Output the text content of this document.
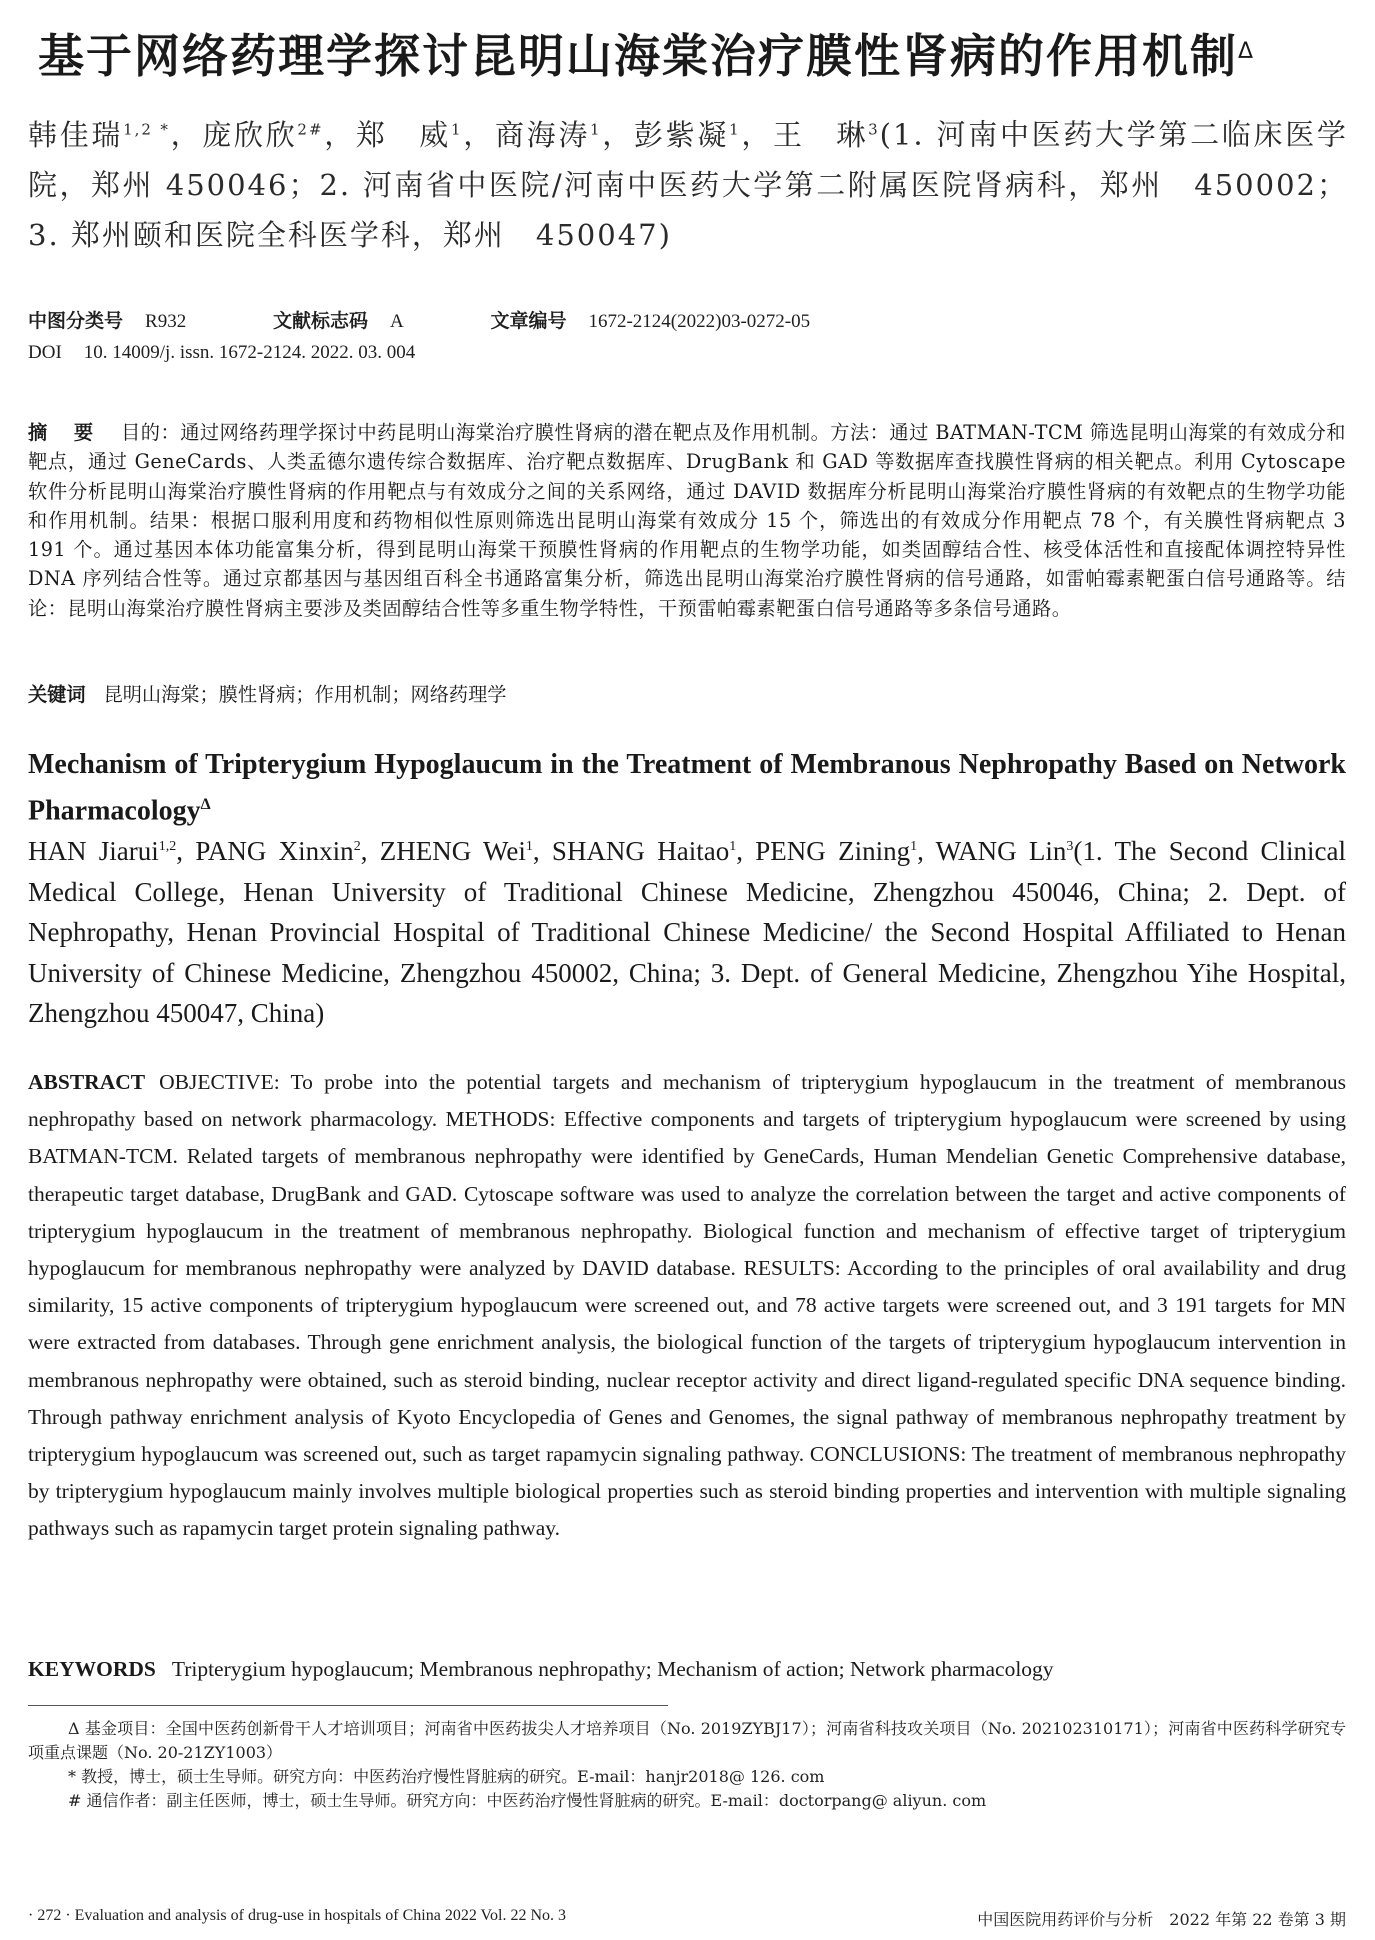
基于网络药理学探讨昆明山海棠治疗膜性肾病的作用机制$^\Delta$
韩佳瑞$^{1,2 *}$，庞欣欣$^{2\#}$，郑　威$^1$，商海涛$^1$，彭紫凝$^1$，王　琳$^3$(1. 河南中医药大学第二临床医学院，郑州 450046；2. 河南省中医院/河南中医药大学第二附属医院肾病科，郑州　450002；3. 郑州颐和医院全科医学科，郑州　450047)
中图分类号 R932	文献标志码 A	文章编号 1672-2124(2022)03-0272-05
DOI 10. 14009/j. issn. 1672-2124. 2022. 03. 004
摘 要 目的：通过网络药理学探讨中药昆明山海棠治疗膜性肾病的潜在靶点及作用机制。方法：通过 BATMAN-TCM 筛选昆明山海棠的有效成分和靶点，通过 GeneCards、人类孟德尔遗传综合数据库、治疗靶点数据库、DrugBank 和 GAD 等数据库查找膜性肾病的相关靶点。利用 Cytoscape 软件分析昆明山海棠治疗膜性肾病的作用靶点与有效成分之间的关系网络，通过 DAVID 数据库分析昆明山海棠治疗膜性肾病的有效靶点的生物学功能和作用机制。结果：根据口服利用度和药物相似性原则筛选出昆明山海棠有效成分 15 个，筛选出的有效成分作用靶点 78 个，有关膜性肾病靶点 3 191 个。通过基因本体功能富集分析，得到昆明山海棠干预膜性肾病的作用靶点的生物学功能，如类固醇结合性、核受体活性和直接配体调控特异性 DNA 序列结合性等。通过京都基因与基因组百科全书通路富集分析，筛选出昆明山海棠治疗膜性肾病的信号通路，如雷帕霉素靶蛋白信号通路等。结论：昆明山海棠治疗膜性肾病主要涉及类固醇结合性等多重生物学特性，干预雷帕霉素靶蛋白信号通路等多条信号通路。
关键词 昆明山海棠；膜性肾病；作用机制；网络药理学
Mechanism of Tripterygium Hypoglaucum in the Treatment of Membranous Nephropathy Based on Network Pharmacology$^\Delta$
HAN Jiarui$^{1,2}$, PANG Xinxin$^2$, ZHENG Wei$^1$, SHANG Haitao$^1$, PENG Zining$^1$, WANG Lin$^3$(1. The Second Clinical Medical College, Henan University of Traditional Chinese Medicine, Zhengzhou 450046, China; 2. Dept. of Nephropathy, Henan Provincial Hospital of Traditional Chinese Medicine/ the Second Hospital Affiliated to Henan University of Chinese Medicine, Zhengzhou 450002, China; 3. Dept. of General Medicine, Zhengzhou Yihe Hospital, Zhengzhou 450047, China)
ABSTRACT OBJECTIVE: To probe into the potential targets and mechanism of tripterygium hypoglaucum in the treatment of membranous nephropathy based on network pharmacology. METHODS: Effective components and targets of tripterygium hypoglaucum were screened by using BATMAN-TCM. Related targets of membranous nephropathy were identified by GeneCards, Human Mendelian Genetic Comprehensive database, therapeutic target database, DrugBank and GAD. Cytoscape software was used to analyze the correlation between the target and active components of tripterygium hypoglaucum in the treatment of membranous nephropathy. Biological function and mechanism of effective target of tripterygium hypoglaucum for membranous nephropathy were analyzed by DAVID database. RESULTS: According to the principles of oral availability and drug similarity, 15 active components of tripterygium hypoglaucum were screened out, and 78 active targets were screened out, and 3 191 targets for MN were extracted from databases. Through gene enrichment analysis, the biological function of the targets of tripterygium hypoglaucum intervention in membranous nephropathy were obtained, such as steroid binding, nuclear receptor activity and direct ligand-regulated specific DNA sequence binding. Through pathway enrichment analysis of Kyoto Encyclopedia of Genes and Genomes, the signal pathway of membranous nephropathy treatment by tripterygium hypoglaucum was screened out, such as target rapamycin signaling pathway. CONCLUSIONS: The treatment of membranous nephropathy by tripterygium hypoglaucum mainly involves multiple biological properties such as steroid binding properties and intervention with multiple signaling pathways such as rapamycin target protein signaling pathway.
KEYWORDS Tripterygium hypoglaucum; Membranous nephropathy; Mechanism of action; Network pharmacology

Δ 基金项目：全国中医药创新骨干人才培训项目；河南省中医药拔尖人才培养项目（No. 2019ZYBJ17）；河南省科技攻关项目（No. 202102310171）；河南省中医药科学研究专项重点课题（No. 20-21ZY1003）

* 教授，博士，硕士生导师。研究方向：中医药治疗慢性肾脏病的研究。E-mail：hanjr2018@ 126. com

# 通信作者：副主任医师，博士，硕士生导师。研究方向：中医药治疗慢性肾脏病的研究。E-mail：doctorpang@ aliyun. com

· 272 · Evaluation and analysis of drug-use in hospitals of China 2022 Vol. 22 No. 3	中国医院用药评价与分析　2022 年第 22 卷第 3 期
